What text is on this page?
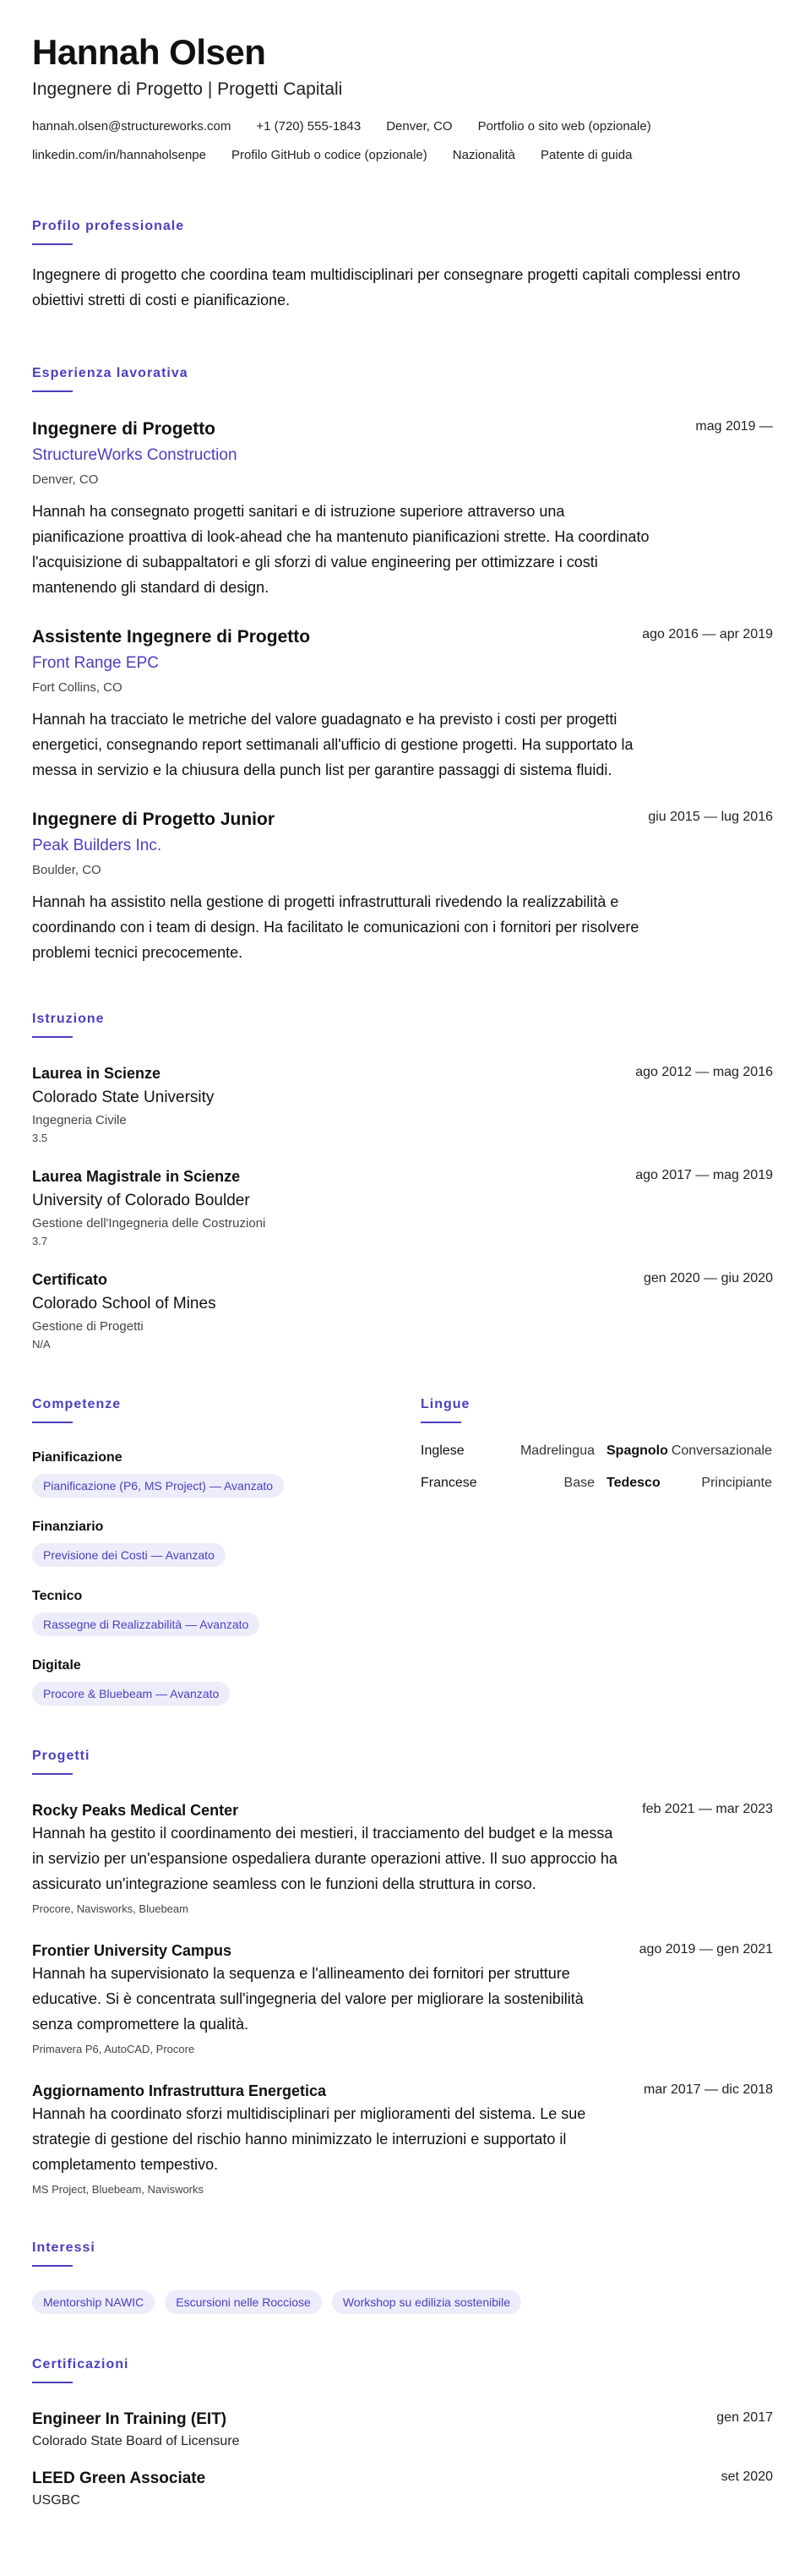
Hannah Olsen
Ingegnere di Progetto | Progetti Capitali
hannah.olsen@structureworks.com +1 (720) 555-1843 Denver, CO Portfolio o sito web (opzionale)
linkedin.com/in/hannaholsenpe Profilo GitHub o codice (opzionale) Nazionalità Patente di guida
Profilo professionale

Ingegnere di progetto che coordina team multidisciplinari per consegnare progetti capitali complessi entro obiettivi stretti di costi e pianificazione.

Esperienza lavorativa
Ingegnere di Progetto	mag 2019 —
StructureWorks Construction
Denver, CO

Hannah ha consegnato progetti sanitari e di istruzione superiore attraverso una pianificazione proattiva di look-ahead che ha mantenuto pianificazioni strette. Ha coordinato l'acquisizione di subappaltatori e gli sforzi di value engineering per ottimizzare i costi mantenendo gli standard di design.

Assistente Ingegnere di Progetto	ago 2016 — apr 2019
Front Range EPC
Fort Collins, CO

Hannah ha tracciato le metriche del valore guadagnato e ha previsto i costi per progetti energetici, consegnando report settimanali all'ufficio di gestione progetti. Ha supportato la messa in servizio e la chiusura della punch list per garantire passaggi di sistema fluidi.

Ingegnere di Progetto Junior	giu 2015 — lug 2016
Peak Builders Inc.
Boulder, CO

Hannah ha assistito nella gestione di progetti infrastrutturali rivedendo la realizzabilità e coordinando con i team di design. Ha facilitato le comunicazioni con i fornitori per risolvere problemi tecnici precocemente.

Istruzione
Laurea in Scienze	ago 2012 — mag 2016
Colorado State University
Ingegneria Civile
3.5
Laurea Magistrale in Scienze	ago 2017 — mag 2019
University of Colorado Boulder
Gestione dell'Ingegneria delle Costruzioni
3.7
Certificato	gen 2020 — giu 2020
Colorado School of Mines
Gestione di Progetti
N/A
Competenze
Pianificazione
Pianificazione (P6, MS Project) — Avanzato
Finanziario
Previsione dei Costi — Avanzato
Tecnico
Rassegne di Realizzabilità — Avanzato
Digitale
Procore & Bluebeam — Avanzato
Lingue
Inglese	Madrelingua Spagnolo Conversazionale
Francese	Base Tedesco	Principiante
Progetti
Rocky Peaks Medical Center	feb 2021 — mar 2023

Hannah ha gestito il coordinamento dei mestieri, il tracciamento del budget e la messa in servizio per un'espansione ospedaliera durante operazioni attive. Il suo approccio ha assicurato un'integrazione seamless con le funzioni della struttura in corso.

Procore, Navisworks, Bluebeam
Frontier University Campus	ago 2019 — gen 2021

Hannah ha supervisionato la sequenza e l'allineamento dei fornitori per strutture educative. Si è concentrata sull'ingegneria del valore per migliorare la sostenibilità senza compromettere la qualità.

Primavera P6, AutoCAD, Procore
Aggiornamento Infrastruttura Energetica	mar 2017 — dic 2018

Hannah ha coordinato sforzi multidisciplinari per miglioramenti del sistema. Le sue strategie di gestione del rischio hanno minimizzato le interruzioni e supportato il completamento tempestivo.

MS Project, Bluebeam, Navisworks
Interessi
Mentorship NAWIC	Escursioni nelle Rocciose	Workshop su edilizia sostenibile
Certificazioni
Engineer In Training (EIT)	gen 2017
Colorado State Board of Licensure
LEED Green Associate	set 2020
USGBC
